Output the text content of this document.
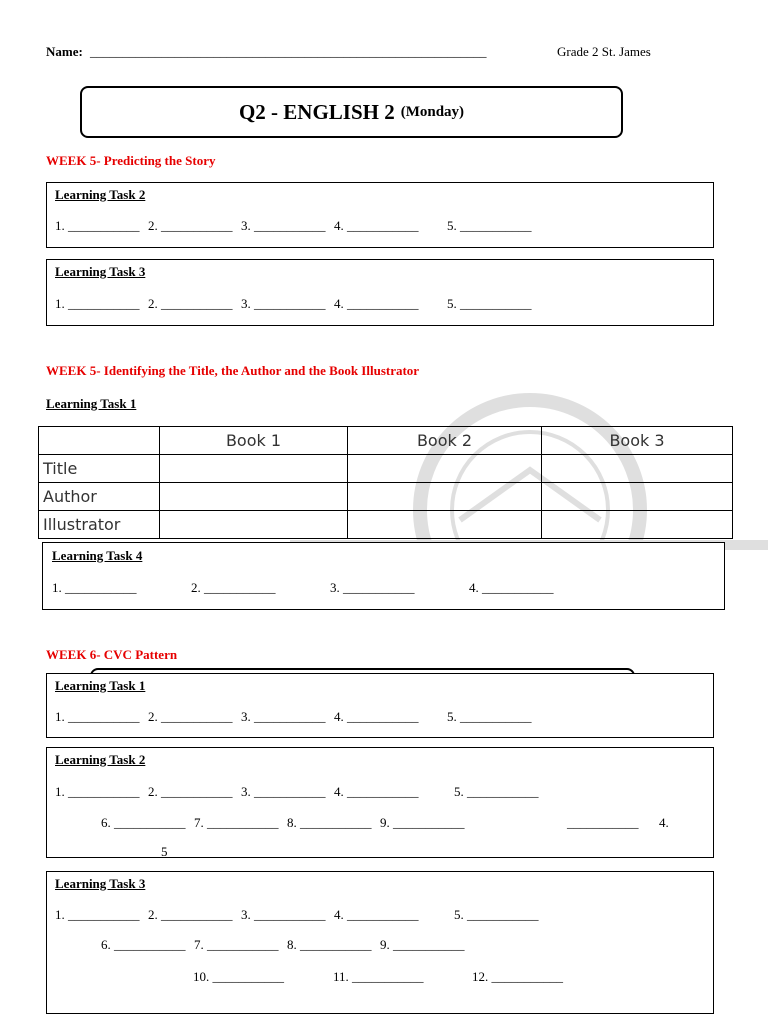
Name: _____________________________________________________________	Grade 2 St. James
Q2 - ENGLISH 2 (Monday)
WEEK 5- Predicting the Story
Learning Task 2
1. ___________ 2. ___________ 3. ___________ 4. ___________ 5. ___________
Learning Task 3
1. ___________ 2. ___________ 3. ___________ 4. ___________ 5. ___________
WEEK 5- Identifying the Title, the Author and the Book Illustrator
Learning Task 1
	Book 1	Book 2	Book 3
Title			
Author			
Illustrator			
Learning Task 4
1. ___________	2. ___________	3. ___________	4. ___________
WEEK 6- CVC Pattern
Learning Task 1
1. ___________ 2. ___________ 3. ___________ 4. ___________ 5. ___________
Learning Task 2
1. ___________ 2. ___________ 3. ___________ 4. ___________	5. ___________
6. ___________ 7. ___________ 8. ___________ 9. ___________	___________ 4.
5
Learning Task 3
1. ___________ 2. ___________ 3. ___________ 4. ___________	5. ___________
6. ___________ 7. ___________ 8. ___________ 9. ___________
10. ___________	11. ___________	12. ___________
